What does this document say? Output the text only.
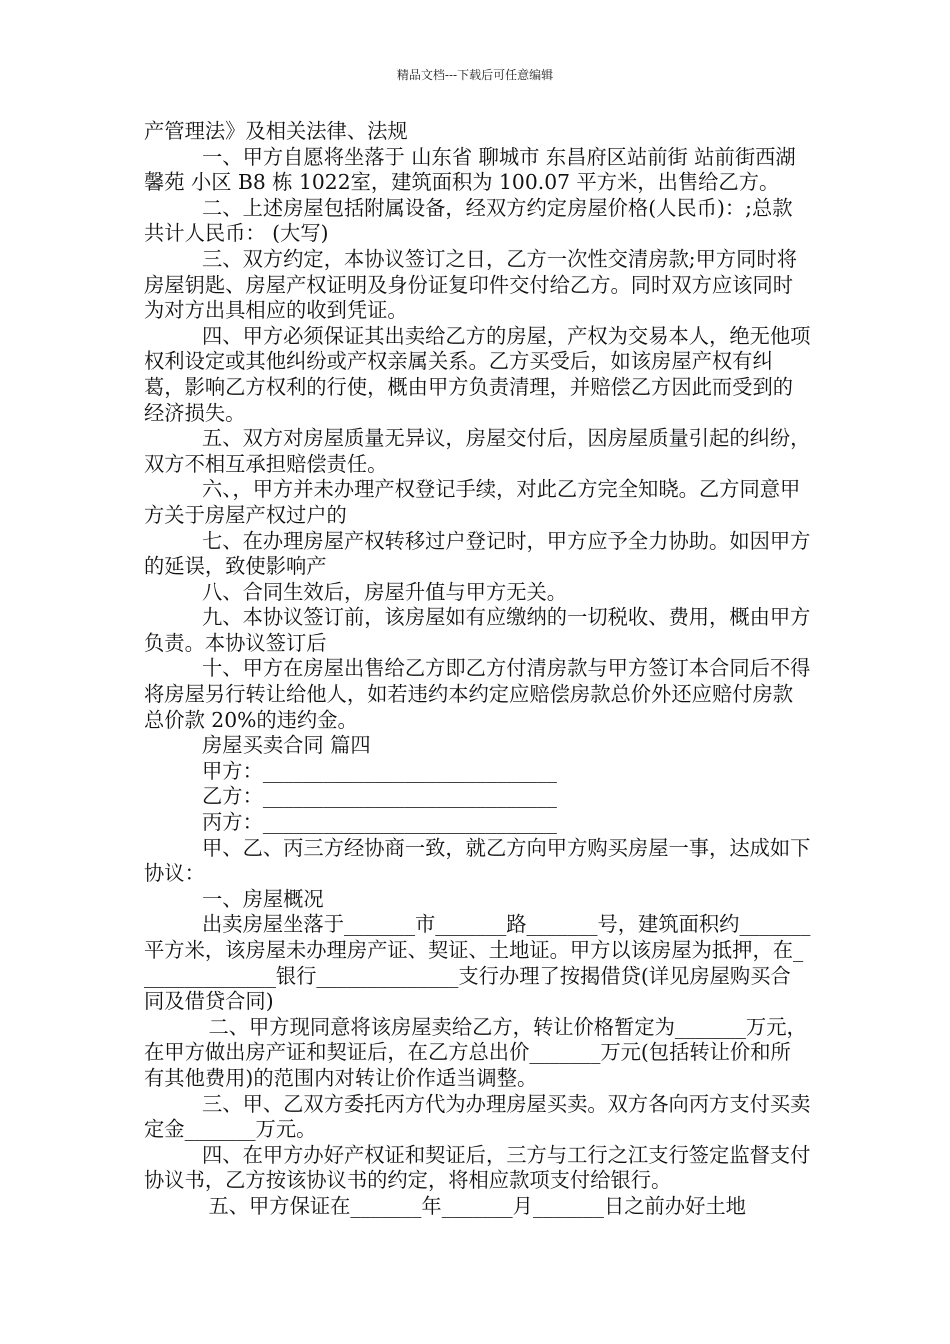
精品文档---下载后可任意编辑

产管理法》及相关法律、法规

一、甲方自愿将坐落于 山东省 聊城市 东昌府区站前街 站前街西湖馨苑 小区 B8 栋 1022室，建筑面积为 100.07 平方米，出售给乙方。

二、上述房屋包括附属设备，经双方约定房屋价格(人民币)：;总款共计人民币： (大写)

三、双方约定，本协议签订之日，乙方一次性交清房款;甲方同时将房屋钥匙、房屋产权证明及身份证复印件交付给乙方。同时双方应该同时为对方出具相应的收到凭证。

四、甲方必须保证其出卖给乙方的房屋，产权为交易本人，绝无他项权利设定或其他纠纷或产权亲属关系。乙方买受后，如该房屋产权有纠葛，影响乙方权利的行使，概由甲方负责清理，并赔偿乙方因此而受到的经济损失。

五、双方对房屋质量无异议，房屋交付后，因房屋质量引起的纠纷，双方不相互承担赔偿责任。

六、，甲方并未办理产权登记手续，对此乙方完全知晓。乙方同意甲方关于房屋产权过户的

七、在办理房屋产权转移过户登记时，甲方应予全力协助。如因甲方的延误，致使影响产

八、合同生效后，房屋升值与甲方无关。

九、本协议签订前，该房屋如有应缴纳的一切税收、费用，概由甲方负责。本协议签订后

十、甲方在房屋出售给乙方即乙方付清房款与甲方签订本合同后不得将房屋另行转让给他人，如若违约本约定应赔偿房款总价外还应赔付房款总价款 20%的违约金。

房屋买卖合同 篇四

甲方：_____________________________

乙方：_____________________________

丙方：_____________________________

甲、乙、丙三方经协商一致，就乙方向甲方购买房屋一事，达成如下协议：

一、房屋概况

出卖房屋坐落于_______市_______路_______号，建筑面积约_______平方米，该房屋未办理房产证、契证、土地证。甲方以该房屋为抵押，在______________银行______________支行办理了按揭借贷(详见房屋购买合同及借贷合同)

二、甲方现同意将该房屋卖给乙方，转让价格暂定为_______万元，在甲方做出房产证和契证后，在乙方总出价_______万元(包括转让价和所有其他费用)的范围内对转让价作适当调整。

三、甲、乙双方委托丙方代为办理房屋买卖。双方各向丙方支付买卖定金_______万元。

四、在甲方办好产权证和契证后，三方与工行之江支行签定监督支付协议书，乙方按该协议书的约定，将相应款项支付给银行。

五、甲方保证在_______年_______月_______日之前办好土地
